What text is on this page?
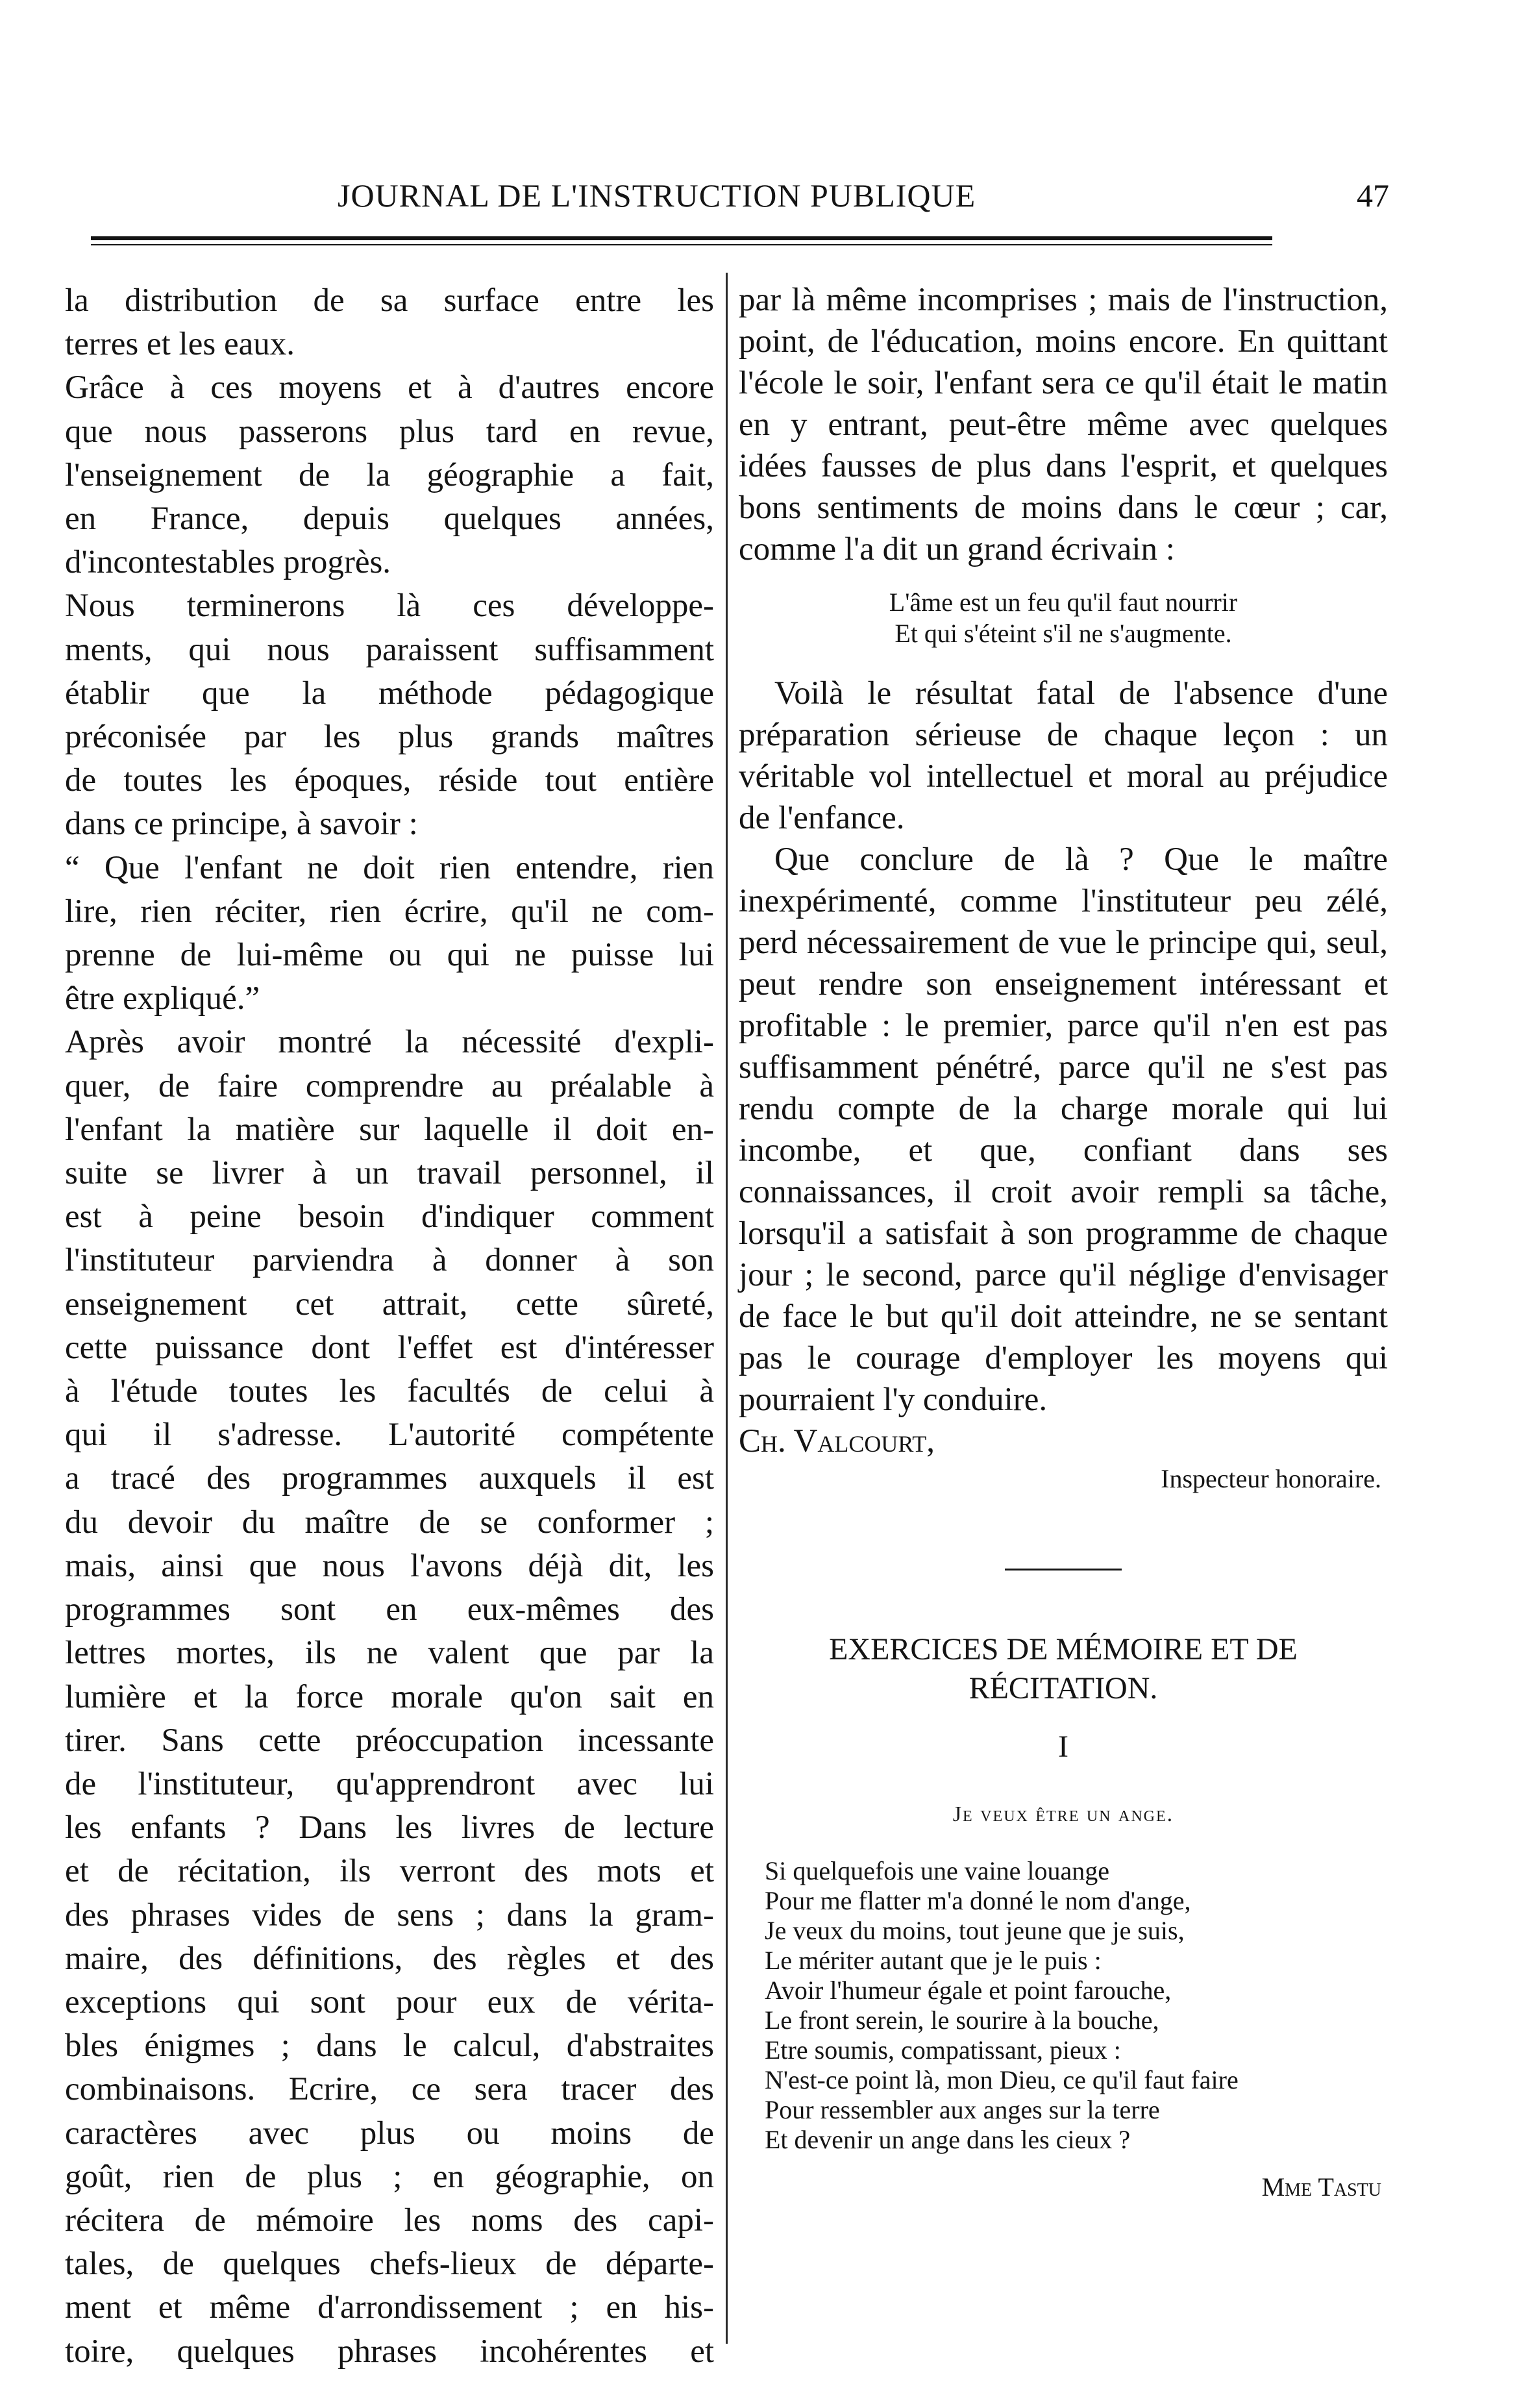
JOURNAL DE L'INSTRUCTION PUBLIQUE	47
la distribution de sa surface entre les
terres et les eaux.
Grâce à ces moyens et à d'autres encore
que nous passerons plus tard en revue,
l'enseignement de la géographie a fait,
en France, depuis quelques années,
d'incontestables progrès.
Nous terminerons là ces développe-
ments, qui nous paraissent suffisamment
établir que la méthode pédagogique
préconisée par les plus grands maîtres
de toutes les époques, réside tout entière
dans ce principe, à savoir :
“ Que l'enfant ne doit rien entendre, rien
lire, rien réciter, rien écrire, qu'il ne com-
prenne de lui-même ou qui ne puisse lui
être expliqué.”
Après avoir montré la nécessité d'expli-
quer, de faire comprendre au préalable à
l'enfant la matière sur laquelle il doit en-
suite se livrer à un travail personnel, il
est à peine besoin d'indiquer comment
l'instituteur parviendra à donner à son
enseignement cet attrait, cette sûreté,
cette puissance dont l'effet est d'intéresser
à l'étude toutes les facultés de celui à
qui il s'adresse. L'autorité compétente
a tracé des programmes auxquels il est
du devoir du maître de se conformer ;
mais, ainsi que nous l'avons déjà dit, les
programmes sont en eux-mêmes des
lettres mortes, ils ne valent que par la
lumière et la force morale qu'on sait en
tirer. Sans cette préoccupation incessante
de l'instituteur, qu'apprendront avec lui
les enfants ? Dans les livres de lecture
et de récitation, ils verront des mots et
des phrases vides de sens ; dans la gram-
maire, des définitions, des règles et des
exceptions qui sont pour eux de vérita-
bles énigmes ; dans le calcul, d'abstraites
combinaisons. Ecrire, ce sera tracer des
caractères avec plus ou moins de
goût, rien de plus ; en géographie, on
récitera de mémoire les noms des capi-
tales, de quelques chefs-lieux de départe-
ment et même d'arrondissement ; en his-
toire, quelques phrases incohérentes et

par là même incomprises ; mais de l'instruction, point, de l'éducation, moins encore. En quittant l'école le soir, l'enfant sera ce qu'il était le matin en y entrant, peut-être même avec quelques idées fausses de plus dans l'esprit, et quelques bons sentiments de moins dans le cœur ; car, comme l'a dit un grand écrivain :

L'âme est un feu qu'il faut nourrir
Et qui s'éteint s'il ne s'augmente.

Voilà le résultat fatal de l'absence d'une préparation sérieuse de chaque leçon : un véritable vol intellectuel et moral au préjudice de l'enfance.

Que conclure de là ? Que le maître inexpérimenté, comme l'instituteur peu zélé, perd nécessairement de vue le principe qui, seul, peut rendre son enseignement intéressant et profitable : le premier, parce qu'il n'en est pas suffisamment pénétré, parce qu'il ne s'est pas rendu compte de la charge morale qui lui incombe, et que, confiant dans ses connaissances, il croit avoir rempli sa tâche, lorsqu'il a satisfait à son programme de chaque jour ; le second, parce qu'il néglige d'envisager de face le but qu'il doit atteindre, ne se sentant pas le courage d'employer les moyens qui pourraient l'y conduire.

Ch. Valcourt,

Inspecteur honoraire.
EXERCICES DE MÉMOIRE ET DE RÉCITATION.
I
Je veux être un ange.
Si quelquefois une vaine louange
Pour me flatter m'a donné le nom d'ange,
Je veux du moins, tout jeune que je suis,
Le mériter autant que je le puis :
Avoir l'humeur égale et point farouche,
Le front serein, le sourire à la bouche,
Etre soumis, compatissant, pieux :
N'est-ce point là, mon Dieu, ce qu'il faut faire
Pour ressembler aux anges sur la terre
Et devenir un ange dans les cieux ?
Mme Tastu
